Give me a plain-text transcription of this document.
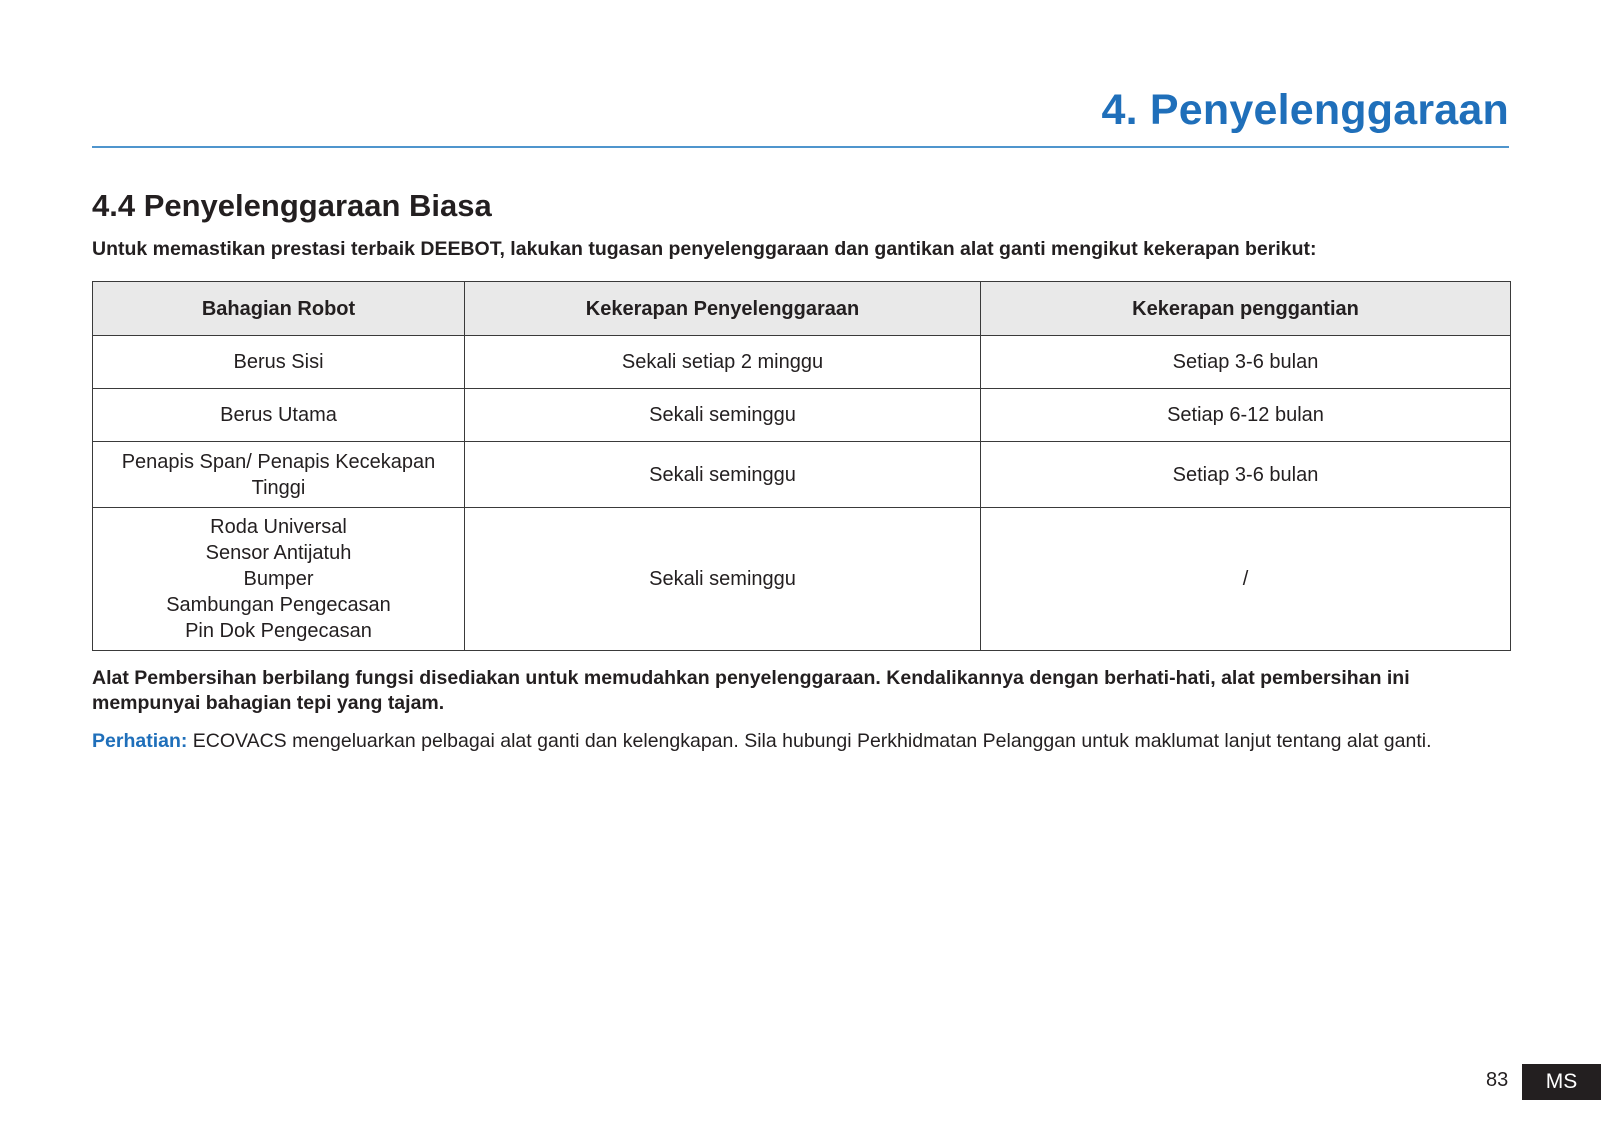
4. Penyelenggaraan
4.4 Penyelenggaraan Biasa
Untuk memastikan prestasi terbaik DEEBOT, lakukan tugasan penyelenggaraan dan gantikan alat ganti mengikut kekerapan berikut:
Bahagian Robot	Kekerapan Penyelenggaraan	Kekerapan penggantian

Berus Sisi	Sekali setiap 2 minggu	Setiap 3-6 bulan

Berus Utama	Sekali seminggu	Setiap 6-12 bulan

Penapis Span/ Penapis Kecekapan
Tinggi	Sekali seminggu	Setiap 3-6 bulan

Roda Universal
Sensor Antijatuh
Bumper
Sambungan Pengecasan
Pin Dok Pengecasan	Sekali seminggu	/
Alat Pembersihan berbilang fungsi disediakan untuk memudahkan penyelenggaraan. Kendalikannya dengan berhati-hati, alat pembersihan ini mempunyai bahagian tepi yang tajam.
Perhatian: ECOVACS mengeluarkan pelbagai alat ganti dan kelengkapan. Sila hubungi Perkhidmatan Pelanggan untuk maklumat lanjut tentang alat ganti.
83	MS
